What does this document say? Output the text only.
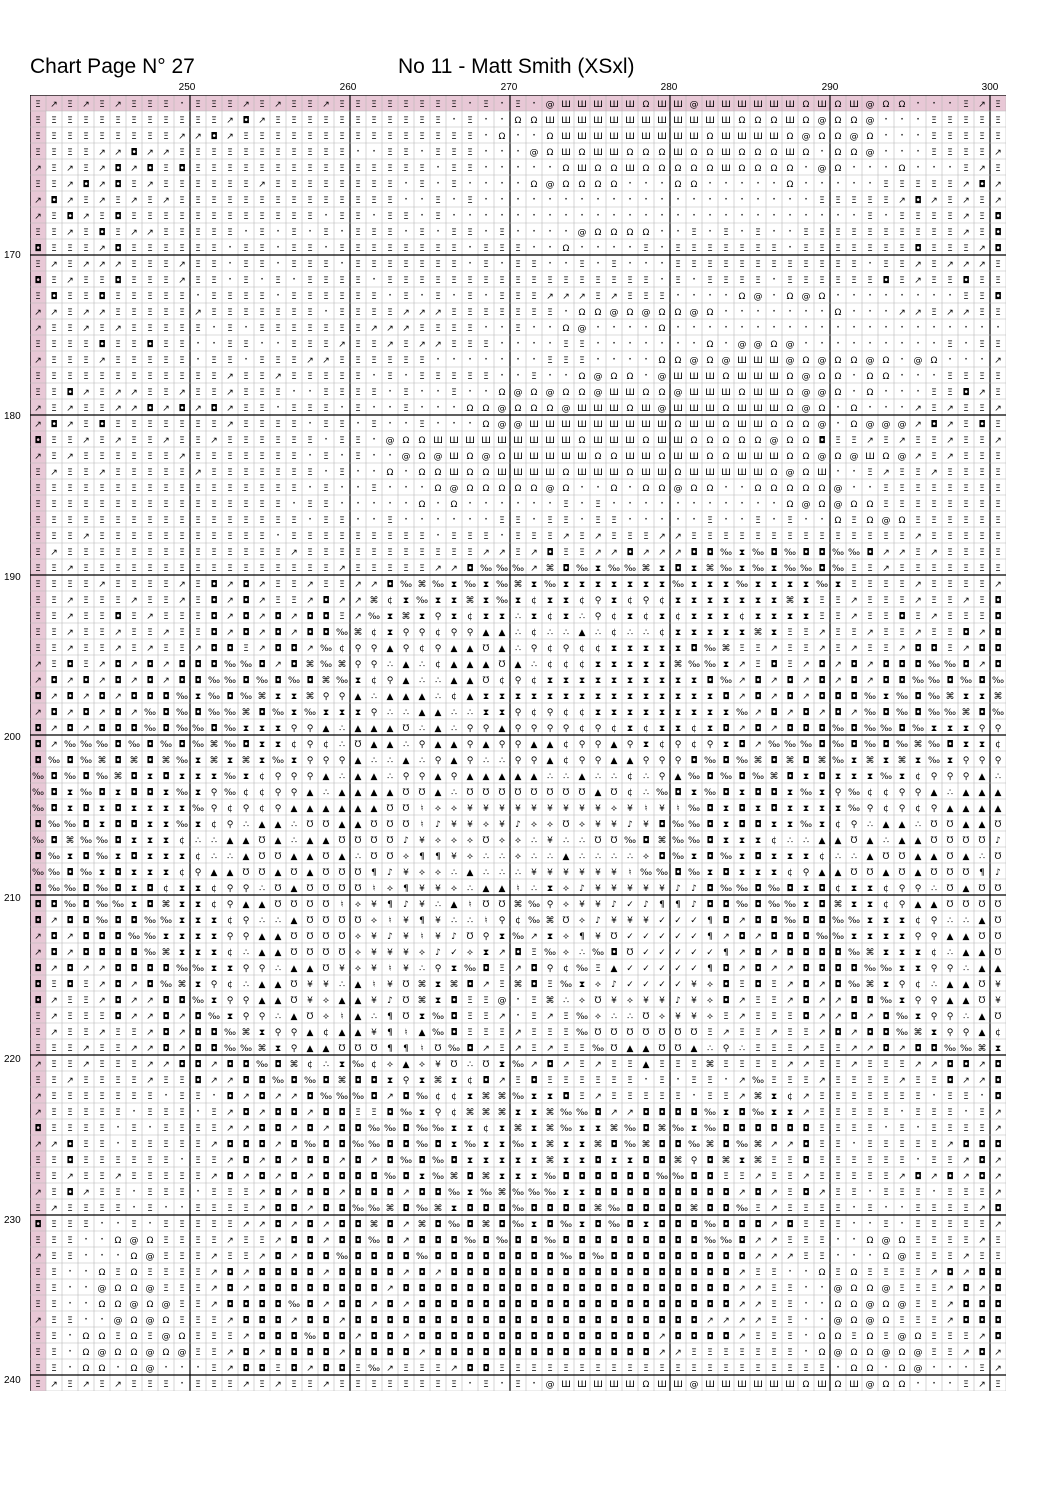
Chart Page N° 27	No 11 - Matt Smith (XSxl)
250	260	270	280	290	300
170
180
190
200
210
220
230
240
Ξ ↗ Ξ ↗ Ξ ↗ Ξ Ξ Ξ · Ξ Ξ Ξ ↗ Ξ ↗ Ξ Ξ ↗ Ξ Ξ Ξ Ξ Ξ Ξ Ξ Ξ · Ξ · Ξ · @ Ш Ш Ш Ш Ш Ω Ш Ш @ Ш Ш Ш Ш Ш Ш Ω Ш Ω Ш @ Ω Ω · · · Ξ ↗ Ξ
Ξ Ξ Ξ Ξ Ξ Ξ Ξ Ξ Ξ Ξ Ξ Ξ ↗ ◘ ↗ Ξ Ξ Ξ Ξ Ξ Ξ Ξ Ξ Ξ Ξ Ξ · Ξ · · Ω Ω Ш Ш Ш Ш Ш Ш Ш Ш Ш Ш Ш Ш Ω Ω Ω Ш Ω @ Ω Ω @ · · · Ξ Ξ Ξ Ξ Ξ
Ξ Ξ Ξ Ξ Ξ Ξ Ξ Ξ Ξ ↗ ↗ ◘ ↗ Ξ Ξ Ξ Ξ Ξ Ξ Ξ Ξ Ξ Ξ Ξ Ξ Ξ Ξ Ξ · Ω · · Ω Ш Ш Ш Ш Ш Ш Ш Ш Ш Ω Ш Ш Ш Ш Ω @ Ω Ω @ Ω · · · Ξ Ξ Ξ Ξ Ξ
Ξ Ξ Ξ Ξ ↗ ↗ ◘ ↗ ↗ Ξ Ξ Ξ Ξ Ξ Ξ Ξ Ξ Ξ Ξ Ξ · · Ξ Ξ · Ξ Ξ Ξ · · · @ Ω Ш Ω Ш Ш Ω Ω Ω Ш Ω Ω Ш Ω Ω Ω Ш Ω · Ω Ω @ · · · Ξ Ξ Ξ Ξ ↗
↗ Ξ ↗ Ξ ↗ ◘ ↗ ◘ Ξ ◘ Ξ Ξ Ξ Ξ Ξ Ξ Ξ Ξ Ξ Ξ Ξ Ξ Ξ Ξ Ξ · Ξ Ξ · · · · · Ω Ш Ω Ω Ш Ω Ω Ω Ω Ω Ш Ω Ω Ω Ω · @ Ω · · · Ω · · · Ξ ↗ Ξ
Ξ Ξ ↗ ◘ ↗ ◘ Ξ ↗ Ξ Ξ Ξ Ξ Ξ Ξ ↗ Ξ Ξ Ξ Ξ Ξ Ξ Ξ Ξ · Ξ · Ξ · · · · Ω @ Ω Ω Ω Ω · · · Ω Ω · · · · · Ω · · · · · Ξ Ξ Ξ Ξ Ξ ↗ ◘ ↗
↗ ◘ ↗ Ξ ↗ Ξ ↗ Ξ ↗ Ξ Ξ Ξ Ξ Ξ Ξ Ξ Ξ Ξ Ξ Ξ Ξ Ξ Ξ · · Ξ · Ξ · · · · · · · · · · · · · · · · · · · · · Ξ Ξ Ξ Ξ Ξ ↗ ◘ ↗ Ξ ↗ Ξ ↗
↗ Ξ ◘ ↗ Ξ ◘ Ξ Ξ Ξ Ξ Ξ Ξ Ξ Ξ Ξ Ξ Ξ Ξ · Ξ Ξ · Ξ Ξ · Ξ · · · · · · · · · · · · · · · · · · · · · · · · · · Ξ · Ξ Ξ Ξ Ξ ↗ Ξ ◘
Ξ Ξ ↗ Ξ ◘ Ξ ↗ ↗ Ξ Ξ Ξ Ξ Ξ · Ξ · Ξ · Ξ · Ξ Ξ Ξ · Ξ · Ξ Ξ · Ξ · · · · @ Ω Ω Ω Ω · · Ξ · Ξ · Ξ · · Ξ Ξ Ξ Ξ Ξ Ξ Ξ Ξ Ξ Ξ ↗ Ξ ◘
◘ Ξ Ξ Ξ ↗ ◘ Ξ Ξ Ξ Ξ Ξ Ξ · Ξ Ξ · Ξ Ξ · Ξ Ξ Ξ Ξ Ξ Ξ Ξ Ξ · Ξ Ξ Ξ · · Ω · · · · Ξ · Ξ Ξ Ξ Ξ Ξ Ξ Ξ · Ξ Ξ Ξ Ξ Ξ Ξ Ξ ◘ Ξ Ξ Ξ ↗ ◘
Ξ ↗ Ξ ↗ ↗ ↗ Ξ Ξ Ξ ↗ Ξ Ξ · Ξ Ξ · Ξ Ξ Ξ · Ξ Ξ Ξ Ξ Ξ Ξ Ξ · Ξ · Ξ Ξ · · Ξ · Ξ · · · Ξ Ξ Ξ Ξ Ξ Ξ Ξ Ξ Ξ Ξ Ξ Ξ · Ξ Ξ ↗ Ξ ↗ ↗ ↗ Ξ
◘ Ξ ↗ Ξ Ξ ◘ Ξ Ξ Ξ ↗ Ξ Ξ · Ξ · Ξ · Ξ Ξ Ξ Ξ · Ξ Ξ Ξ Ξ Ξ Ξ Ξ Ξ Ξ Ξ Ξ Ξ Ξ Ξ Ξ Ξ Ξ · Ξ · Ξ Ξ Ξ Ξ · Ξ Ξ Ξ Ξ Ξ Ξ ◘ Ξ ↗ Ξ Ξ ◘ Ξ Ξ
Ξ ◘ Ξ Ξ ◘ Ξ Ξ Ξ Ξ Ξ · Ξ Ξ Ξ Ξ · Ξ Ξ Ξ Ξ Ξ Ξ · Ξ · Ξ · Ξ · Ξ Ξ Ξ ↗ ↗ ↗ Ξ ↗ Ξ Ξ Ξ · · · · Ω @ · Ω @ Ω · · · · · · · · Ξ Ξ ◘
↗ ↗ Ξ ↗ ↗ Ξ Ξ Ξ Ξ Ξ ↗ Ξ Ξ Ξ Ξ Ξ Ξ Ξ · Ξ Ξ Ξ Ξ ↗ ↗ ↗ Ξ Ξ Ξ Ξ Ξ Ξ Ξ · Ω Ω @ Ω @ Ω Ω @ Ω · · · · · · · Ω · · · ↗ ↗ Ξ ↗ ↗ Ξ Ξ
↗ Ξ Ξ ↗ Ξ ↗ Ξ Ξ Ξ Ξ Ξ · Ξ · Ξ Ξ Ξ Ξ Ξ Ξ Ξ ↗ ↗ ↗ Ξ Ξ Ξ Ξ · · Ξ · · Ω @ · · · · Ω · · · · · · · · · · · · · · · · · · · · ·
Ξ Ξ Ξ Ξ ◘ Ξ Ξ ◘ Ξ Ξ · · Ξ Ξ · · Ξ Ξ Ξ ↗ Ξ Ξ ↗ Ξ ↗ ↗ Ξ Ξ Ξ · · · · Ξ Ξ · · · · · · · Ω · @ @ Ω @ · · · · · · · · · Ξ · Ξ Ξ
↗ Ξ Ξ Ξ ↗ Ξ Ξ Ξ Ξ Ξ · Ξ Ξ · Ξ Ξ Ξ ↗ ↗ Ξ Ξ Ξ Ξ Ξ Ξ · · · · · · · Ξ Ξ Ξ · · · · Ω Ω @ Ω @ Ш Ш Ш @ Ω @ Ω Ω @ Ω · @ Ω · · · ↗
Ξ Ξ Ξ Ξ Ξ Ξ Ξ Ξ Ξ Ξ Ξ Ξ ↗ Ξ Ξ ↗ Ξ Ξ Ξ Ξ Ξ · Ξ · Ξ Ξ Ξ Ξ Ξ · · Ξ · · Ω @ Ω Ω · @ Ш Ш Ш Ω Ш Ш Ш Ω @ Ω Ω · Ω Ω · · · Ξ Ξ Ξ Ξ
Ξ Ξ ◘ ↗ Ξ ↗ ↗ Ξ Ξ ↗ Ξ Ξ ↗ Ξ Ξ Ξ · · Ξ Ξ Ξ Ξ · Ξ · · Ξ · · Ω @ Ω @ Ω Ω @ Ш Ш Ω Ω @ Ш Ш Ш Ω Ш Ш Ω @ @ Ω · Ω · · · Ξ Ξ ◘ ↗ Ξ
↗ Ξ ↗ Ξ Ξ ↗ ↗ ◘ ↗ ◘ ↗ ◘ ↗ Ξ Ξ · Ξ Ξ Ξ · Ξ · · Ξ · · · Ω Ω @ Ω Ω Ω @ Ш Ш Ш Ω Ш @ Ш Ш Ш Ω Ш Ш Ш Ω @ Ω · Ω · · · ↗ Ξ ↗ Ξ Ξ ↗
↗ ◘ ↗ Ξ ◘ Ξ Ξ Ξ Ξ Ξ Ξ Ξ ↗ Ξ Ξ Ξ Ξ · Ξ Ξ · Ξ · · Ξ · · · Ω @ @ Ш Ш Ш Ш Ш Ш Ш Ш Ш Ω Ш Ш Ω Ш Ш Ω Ω Ω @ · Ω @ @ @ ↗ ◘ ↗ Ξ ◘ Ξ
◘ Ξ Ξ ↗ Ξ ↗ Ξ Ξ ↗ Ξ Ξ ↗ Ξ Ξ Ξ Ξ Ξ Ξ · Ξ Ξ · @ Ω Ω Ш Ш Ш Ш Ш Ш Ш Ш Ш Ω Ш Ш Ш Ω Ш Ш Ω Ω Ω Ω Ω @ Ω Ω ◘ Ξ Ξ ↗ Ξ ↗ Ξ Ξ ↗ Ξ Ξ ↗
↗ Ξ ↗ Ξ Ξ Ξ Ξ Ξ Ξ ↗ Ξ Ξ Ξ Ξ Ξ Ξ Ξ · Ξ · Ξ · · @ Ω @ Ш Ω @ Ω Ш Ш Ш Ш Ш Ω Ω Ш Ш Ω Ш Ш Ω Ω Ш Ш Ш Ω Ω @ Ω @ Ш Ω @ ↗ Ξ ↗ Ξ Ξ Ξ
Ξ ↗ Ξ Ξ ↗ Ξ Ξ Ξ Ξ Ξ ↗ Ξ Ξ Ξ Ξ Ξ Ξ Ξ · Ξ · · Ω · Ω Ω Ш Ω Ω Ш Ш Ш Ш Ω Ш Ш Ш Ω Ш Ш Ω Ш Ш Ш Ш Ш Ω @ Ω Ш · · Ξ ↗ Ξ Ξ ↗ Ξ Ξ Ξ Ξ
Ξ Ξ Ξ Ξ Ξ Ξ Ξ Ξ Ξ Ξ Ξ Ξ Ξ Ξ Ξ Ξ Ξ · Ξ · · Ξ · · · Ω @ Ω Ω Ω Ω Ω @ Ω · · Ω · Ω Ω @ Ω Ω · · Ω Ω Ω Ω Ω @ · · Ξ Ξ Ξ Ξ Ξ Ξ Ξ Ξ
Ξ Ξ Ξ Ξ Ξ Ξ Ξ Ξ Ξ Ξ Ξ Ξ Ξ Ξ Ξ Ξ · Ξ Ξ · · · · · Ω · Ω · · · · · · Ξ · Ξ · · · · · · · · · · · Ω @ Ω @ Ω Ω Ξ Ξ Ξ Ξ Ξ Ξ Ξ Ξ
Ξ Ξ Ξ Ξ Ξ Ξ Ξ Ξ Ξ Ξ Ξ Ξ Ξ Ξ Ξ Ξ Ξ · Ξ Ξ · · Ξ · · · · · · Ξ Ξ · Ξ Ξ · Ξ Ξ · · · · · Ξ · · Ξ · Ξ · · Ω Ξ Ω @ Ω Ξ Ξ Ξ Ξ Ξ Ξ
Ξ Ξ Ξ ↗ Ξ Ξ Ξ Ξ Ξ Ξ Ξ Ξ Ξ Ξ Ξ · Ξ Ξ Ξ Ξ Ξ Ξ Ξ Ξ Ξ · Ξ Ξ Ξ · Ξ Ξ Ξ ↗ Ξ ↗ Ξ Ξ Ξ ↗ ↗ Ξ Ξ Ξ Ξ Ξ Ξ Ξ Ξ Ξ Ξ Ξ Ξ Ξ Ξ ↗ Ξ Ξ Ξ Ξ Ξ
Ξ ↗ Ξ Ξ Ξ Ξ Ξ Ξ Ξ Ξ Ξ Ξ Ξ Ξ Ξ Ξ ↗ Ξ Ξ Ξ Ξ Ξ Ξ Ξ Ξ Ξ Ξ Ξ ↗ ↗ Ξ ↗ ◘ Ξ Ξ ↗ ↗ ◘ ↗ ↗ ↗ ◘ ◘ ‰ ⧗ ‰ ◘ ‰ ◘ ◘ ‰ ‰ ◘ ↗ ↗ Ξ ↗ Ξ Ξ Ξ Ξ
Ξ Ξ ↗ Ξ Ξ Ξ Ξ Ξ Ξ Ξ Ξ Ξ Ξ Ξ Ξ Ξ Ξ Ξ Ξ ↗ Ξ Ξ Ξ Ξ Ξ ↗ ↗ ◘ ‰ ‰ ‰ ↗ ⌘ ◘ ‰ ⧗ ‰ ‰ ⌘ ⧗ ◘ ⧗ ⌘ ‰ ⧗ ‰ ⧗ ‰ ‰ ◘ ‰ Ξ Ξ ↗ Ξ Ξ Ξ Ξ Ξ Ξ Ξ
Ξ Ξ Ξ Ξ ↗ Ξ Ξ Ξ Ξ ↗ Ξ ◘ ↗ ◘ ↗ Ξ Ξ ↗ Ξ Ξ ↗ ↗ ◘ ‰ ⌘ ‰ ⧗ ‰ ⧗ ‰ ⌘ ⧗ ‰ ⧗ ⧗ ⧗ ⧗ ⧗ ⧗ ⧗ ‰ ⧗ ⧗ ⧗ ‰ ⧗ ⧗ ⧗ ⧗ ‰ ⧗ Ξ Ξ Ξ Ξ ↗ Ξ Ξ Ξ Ξ ↗
Ξ Ξ ↗ Ξ Ξ Ξ ↗ Ξ Ξ ↗ Ξ ◘ ↗ ◘ ↗ Ξ Ξ ↗ ◘ ↗ ↗ ⌘ ¢ ⧗ ‰ ⧗ ⧗ ⌘ ⧗ ‰ ⧗ ¢ ⧗ ⧗ ¢ ⚲ ⧗ ¢ ⚲ ¢ ⧗ ⧗ ⧗ ⧗ ⧗ ⧗ ⧗ ⌘ ⧗ Ξ Ξ ↗ Ξ Ξ Ξ ↗ Ξ Ξ ↗ Ξ ◘
Ξ Ξ ↗ Ξ Ξ ◘ Ξ ↗ Ξ Ξ Ξ ◘ ↗ ◘ ↗ ◘ ↗ ◘ ◘ Ξ ↗ ‰ ⧗ ⌘ ⧗ ⚲ ⧗ ¢ ⧗ ⧗ ∴ ⧗ ¢ ⧗ ∴ ⚲ ¢ ⧗ ¢ ⧗ ¢ ⧗ ⧗ ⧗ ¢ ⧗ ⧗ ⧗ ⧗ Ξ Ξ ↗ Ξ Ξ ◘ Ξ ↗ Ξ Ξ Ξ ◘
Ξ Ξ ↗ Ξ Ξ ↗ Ξ Ξ ↗ Ξ Ξ ◘ ↗ ◘ ↗ ◘ ↗ ◘ ◘ ‰ ⌘ ¢ ⧗ ⚲ ⚲ ¢ ⚲ ⚲ ▲ ▲ ∴ ¢ ∴ ∴ ▲ ∴ ¢ ∴ ∴ ¢ ⧗ ⧗ ⧗ ⧗ ⧗ ⌘ ⧗ Ξ Ξ ↗ Ξ Ξ ↗ Ξ Ξ ↗ Ξ Ξ ◘ ↗ ◘
Ξ Ξ ↗ Ξ Ξ ↗ Ξ ↗ Ξ Ξ ↗ ◘ ◘ Ξ ↗ ◘ ◘ ↗ ‰ ¢ ⚲ ⚲ ▲ ⚲ ¢ ⚲ ▲ ▲ Ʊ ▲ ∴ ⚲ ¢ ⚲ ¢ ¢ ⧗ ⧗ ⧗ ⧗ ⧗ ◘ ‰ ⌘ Ξ Ξ ↗ Ξ Ξ ↗ Ξ ↗ Ξ Ξ ↗ ◘ ◘ Ξ ↗ ◘ ◘
↗ Ξ ◘ Ξ ↗ ◘ ↗ ◘ ↗ ◘ ◘ ◘ ‰ ‰ ◘ ↗ ◘ ⌘ ‰ ⌘ ⚲ ⚲ ∴ ▲ ∴ ¢ ▲ ▲ ▲ Ʊ ▲ ∴ ¢ ¢ ¢ ⧗ ⧗ ⧗ ⧗ ⧗ ⌘ ‰ ‰ ⧗ ↗ Ξ ◘ Ξ ↗ ◘ ↗ ◘ ↗ ◘ ◘ ◘ ‰ ‰ ◘ ↗ ◘
↗ ◘ ↗ ◘ ↗ ◘ ↗ ◘ ↗ ◘ ◘ ‰ ‰ ◘ ‰ ◘ ‰ ◘ ⌘ ‰ ⧗ ¢ ⚲ ▲ ∴ ∴ ▲ ▲ Ʊ ¢ ⚲ ¢ ⧗ ⧗ ⧗ ⧗ ⧗ ⧗ ⧗ ⧗ ⧗ ⧗ ◘ ‰ ↗ ◘ ↗ ◘ ↗ ◘ ↗ ◘ ↗ ◘ ◘ ‰ ‰ ◘ ‰ ◘ ‰
◘ ↗ ◘ ↗ ◘ ↗ ◘ ◘ ◘ ‰ ⧗ ‰ ◘ ‰ ⌘ ⧗ ⧗ ⌘ ⚲ ⚲ ▲ ∴ ▲ ▲ ▲ ∴ ¢ ▲ ⧗ ⧗ ⧗ ⧗ ⧗ ⧗ ⧗ ⧗ ⧗ ⧗ ⧗ ⧗ ⧗ ⧗ ⧗ ◘ ↗ ◘ ↗ ◘ ↗ ◘ ◘ ◘ ‰ ⧗ ‰ ◘ ‰ ⌘ ⧗ ⧗ ⌘
↗ ◘ ↗ ◘ ↗ ◘ ↗ ‰ ◘ ‰ ◘ ‰ ‰ ⌘ ◘ ‰ ⧗ ‰ ⧗ ⧗ ⧗ ⚲ ∴ ∴ ▲ ▲ ∴ ∴ ⧗ ⧗ ⚲ ¢ ⚲ ¢ ¢ ⧗ ⧗ ⧗ ⧗ ⧗ ⧗ ⧗ ⧗ ⧗ ‰ ↗ ◘ ↗ ◘ ↗ ◘ ↗ ‰ ◘ ‰ ◘ ‰ ‰ ⌘ ◘ ‰
◘ ↗ ◘ ↗ ◘ ◘ ◘ ‰ ◘ ‰ ‰ ◘ ‰ ⧗ ⧗ ⧗ ⚲ ⚲ ▲ ∴ ▲ ▲ ▲ Ʊ ∴ ▲ ∴ ⚲ ⚲ ▲ ⚲ ⚲ ⚲ ⚲ ¢ ⚲ ¢ ⧗ ¢ ⧗ ⧗ ¢ ⧗ ◘ ↗ ◘ ↗ ◘ ◘ ◘ ‰ ◘ ‰ ‰ ◘ ‰ ⧗ ⧗ ⧗ ⚲ ⚲
◘ ↗ ‰ ‰ ‰ ◘ ‰ ◘ ‰ ◘ ‰ ⌘ ‰ ◘ ⧗ ⧗ ¢ ⚲ ¢ ∴ Ʊ ▲ ▲ ∴ ⚲ ▲ ▲ ⚲ ▲ ⚲ ⚲ ▲ ▲ ¢ ⚲ ⚲ ▲ ⚲ ⧗ ¢ ⚲ ¢ ⚲ ⧗ ◘ ↗ ‰ ‰ ‰ ◘ ‰ ◘ ‰ ◘ ‰ ⌘ ‰ ◘ ⧗ ⧗ ¢
◘ ‰ ◘ ‰ ⌘ ◘ ⌘ ◘ ⌘ ‰ ⧗ ⌘ ⧗ ⌘ ⧗ ‰ ⧗ ⚲ ⚲ ⚲ ▲ ∴ ∴ ▲ ∴ ⚲ ▲ ⚲ ∴ ∴ ⚲ ⚲ ▲ ¢ ⚲ ⚲ ▲ ▲ ⚲ ⚲ ⚲ ◘ ‰ ◘ ‰ ⌘ ◘ ⌘ ◘ ⌘ ‰ ⧗ ⌘ ⧗ ⌘ ⧗ ‰ ⧗ ⚲ ⚲ ⚲
‰ ◘ ‰ ◘ ‰ ⌘ ◘ ⧗ ◘ ⧗ ⧗ ⧗ ‰ ⧗ ¢ ⚲ ⚲ ⚲ ▲ ∴ ▲ ▲ ∴ ⚲ ⚲ ▲ ⚲ ▲ ▲ ▲ ▲ ▲ ∴ ∴ ▲ ∴ ∴ ¢ ∴ ⚲ ▲ ‰ ◘ ‰ ◘ ‰ ⌘ ◘ ⧗ ◘ ⧗ ⧗ ⧗ ‰ ⧗ ¢ ⚲ ⚲ ⚲ ▲ ∴
‰ ◘ ⧗ ‰ ◘ ⧗ ◘ ◘ ⧗ ‰ ⧗ ⚲ ‰ ¢ ¢ ⚲ ⚲ ▲ ∴ ▲ ▲ ▲ ▲ Ʊ Ʊ ▲ ∴ Ʊ Ʊ Ʊ Ʊ Ʊ Ʊ Ʊ Ʊ ▲ Ʊ ¢ ∴ ‰ ◘ ⧗ ‰ ◘ ⧗ ◘ ◘ ⧗ ‰ ⧗ ⚲ ‰ ¢ ¢ ⚲ ⚲ ▲ ∴ ▲ ▲ ▲
‰ ◘ ⧗ ◘ ⧗ ◘ ⧗ ⧗ ⧗ ⧗ ‰ ⚲ ¢ ⚲ ¢ ⚲ ▲ ▲ ▲ ▲ ▲ ▲ Ʊ Ʊ ♮ ⟡ ⟡ ¥ ¥ ¥ ¥ ¥ ¥ ¥ ¥ ¥ ⟡ ¥ ♮ ¥ ♮ ‰ ◘ ⧗ ◘ ⧗ ◘ ⧗ ⧗ ⧗ ⧗ ‰ ⚲ ¢ ⚲ ¢ ⚲ ▲ ▲ ▲ ▲
◘ ‰ ‰ ◘ ⧗ ◘ ◘ ⧗ ⧗ ‰ ⧗ ¢ ⚲ ∴ ▲ ▲ ∴ Ʊ Ʊ ▲ ▲ Ʊ Ʊ Ʊ ♮ ♪ ¥ ¥ ⟡ ¥ ♪ ⟡ ⟡ Ʊ ⟡ ¥ ¥ ♪ ¥ ◘ ‰ ‰ ◘ ⧗ ◘ ◘ ⧗ ⧗ ‰ ⧗ ¢ ⚲ ∴ ▲ ▲ ∴ Ʊ Ʊ ▲ ▲ Ʊ
‰ ◘ ⌘ ‰ ‰ ◘ ⧗ ⧗ ⧗ ¢ ∴ ∴ ▲ ▲ Ʊ ▲ ∴ ▲ ▲ Ʊ Ʊ Ʊ Ʊ ♪ ¥ ⟡ ⟡ ⟡ Ʊ ⟡ ⟡ ∴ ¥ ∴ ∴ Ʊ Ʊ ‰ ◘ ⌘ ‰ ‰ ◘ ⧗ ⧗ ⧗ ¢ ∴ ∴ ▲ ▲ Ʊ ▲ ∴ ▲ ▲ Ʊ Ʊ Ʊ Ʊ ♪
◘ ‰ ⧗ ◘ ‰ ⧗ ◘ ⧗ ⧗ ⧗ ¢ ∴ ∴ ▲ Ʊ Ʊ ▲ ▲ Ʊ ▲ ∴ Ʊ Ʊ ⟡ ¶ ¶ ¥ ⟡ ∴ ∴ ⟡ ∴ ∴ ▲ ∴ ∴ ∴ ∴ ⟡ ◘ ‰ ⧗ ◘ ‰ ⧗ ◘ ⧗ ⧗ ⧗ ¢ ∴ ∴ ▲ Ʊ Ʊ ▲ ▲ Ʊ ▲ ∴ Ʊ
‰ ‰ ◘ ‰ ⧗ ◘ ⧗ ⧗ ⧗ ¢ ⚲ ▲ ▲ Ʊ Ʊ ▲ Ʊ ▲ Ʊ Ʊ Ʊ ¶ ♪ ¥ ⟡ ⟡ ∴ ▲ ∴ ∴ ∴ ¥ ¥ ¥ ¥ ¥ ¥ ♮ ‰ ‰ ◘ ‰ ⧗ ◘ ⧗ ⧗ ⧗ ¢ ⚲ ▲ ▲ Ʊ Ʊ ▲ Ʊ ▲ Ʊ Ʊ Ʊ ¶ ♪
◘ ‰ ‰ ◘ ‰ ◘ ⧗ ◘ ¢ ⧗ ⧗ ¢ ⚲ ⚲ ∴ Ʊ ▲ Ʊ Ʊ Ʊ Ʊ ♮ ⟡ ¶ ¥ ¥ ⟡ ∴ ▲ ▲ ♮ ∴ ⧗ ⟡ ♪ ¥ ¥ ¥ ¥ ¥ ♪ ♪ ◘ ‰ ‰ ◘ ‰ ◘ ⧗ ◘ ¢ ⧗ ⧗ ¢ ⚲ ⚲ ∴ Ʊ ▲ Ʊ Ʊ
◘ ◘ ‰ ◘ ‰ ‰ ⧗ ◘ ⌘ ⧗ ⧗ ¢ ⚲ ▲ ▲ Ʊ Ʊ Ʊ Ʊ ♮ ⟡ ¥ ¶ ♪ ¥ ∴ ▲ ♮ Ʊ Ʊ ⌘ ‰ ⚲ ⟡ ¥ ¥ ♪ ✓ ♪ ¶ ¶ ♪ ◘ ◘ ‰ ◘ ‰ ‰ ⧗ ◘ ⌘ ⧗ ⧗ ¢ ⚲ ▲ ▲ Ʊ Ʊ Ʊ Ʊ
◘ ↗ ◘ ◘ ‰ ◘ ◘ ‰ ‰ ⧗ ⧗ ⧗ ¢ ⚲ ∴ ∴ ▲ Ʊ Ʊ Ʊ Ʊ ⟡ ♮ ¥ ¶ ¥ ∴ ∴ ♮ ⚲ ¢ ‰ ⌘ Ʊ ⟡ ♪ ¥ ¥ ¥ ✓ ✓ ✓ ¶ ◘ ↗ ◘ ◘ ‰ ◘ ◘ ‰ ‰ ⧗ ⧗ ⧗ ¢ ⚲ ∴ ∴ ▲ Ʊ
↗ ◘ ↗ ◘ ◘ ◘ ‰ ‰ ⧗ ⧗ ⧗ ⧗ ⚲ ⚲ ▲ ▲ Ʊ Ʊ Ʊ Ʊ ⟡ ¥ ♪ ¥ ♮ ¥ ♪ Ʊ ⚲ ⧗ ‰ ↗ ⧗ ⟡ ¶ ¥ Ʊ ✓ ✓ ✓ ✓ ✓ ¶ ↗ ◘ ↗ ◘ ◘ ◘ ‰ ‰ ⧗ ⧗ ⧗ ⧗ ⚲ ⚲ ▲ ▲ Ʊ Ʊ
↗ ◘ ↗ ◘ ◘ ◘ ◘ ‰ ⌘ ⧗ ⧗ ⧗ ¢ ∴ ▲ ▲ Ʊ Ʊ Ʊ Ʊ ⟡ ¥ ¥ ¥ ⟡ ♪ ✓ ⟡ ⧗ ↗ ◘ Ξ ‰ ⟡ ∴ ‰ ◘ Ʊ ✓ ✓ ✓ ✓ ✓ ¶ ↗ ◘ ↗ ◘ ◘ ◘ ◘ ‰ ⌘ ⧗ ⧗ ⧗ ¢ ∴ ▲ ▲ Ʊ
◘ ↗ ◘ ↗ ↗ ◘ ◘ ◘ ◘ ‰ ‰ ⧗ ⧗ ⚲ ⚲ ∴ ▲ ▲ Ʊ ¥ ⟡ ¥ ♮ ¥ ∴ ⚲ ⧗ ‰ ◘ Ξ ↗ ◘ ⚲ ¢ ‰ Ξ ▲ ✓ ✓ ✓ ✓ ✓ ¶ ◘ ↗ ◘ ↗ ↗ ◘ ◘ ◘ ◘ ‰ ‰ ⧗ ⧗ ⚲ ⚲ ∴ ▲ ▲
◘ Ξ ◘ Ξ ↗ ◘ ↗ ◘ ‰ ⌘ ⧗ ⚲ ¢ ∴ ▲ ▲ Ʊ ¥ ¥ ∴ ▲ ♮ ¥ Ʊ ⌘ ⧗ ⌘ ◘ ↗ Ξ ⌘ ◘ Ξ ‰ ⧗ ⟡ ♪ ✓ ✓ ✓ ✓ ¥ ⟡ ◘ Ξ ◘ Ξ ↗ ◘ ↗ ◘ ‰ ⌘ ⧗ ⚲ ¢ ∴ ▲ ▲ Ʊ ¥
◘ ↗ Ξ Ξ ↗ ◘ ↗ ↗ ◘ ◘ ‰ ⧗ ⚲ ⚲ ▲ ▲ Ʊ ¥ ⟡ ▲ ▲ ¥ ♪ Ʊ ⌘ ⧗ ◘ Ξ Ξ @ · Ξ ⌘ ∴ ⟡ Ʊ ¥ ⟡ ¥ ¥ ♪ ¥ ⟡ ◘ ↗ Ξ Ξ ↗ ◘ ↗ ↗ ◘ ◘ ‰ ⧗ ⚲ ⚲ ▲ ▲ Ʊ ¥
Ξ ↗ Ξ Ξ Ξ ◘ ↗ ↗ ◘ ↗ ◘ ‰ ⧗ ⚲ ⚲ ∴ ▲ Ʊ ⟡ ♮ ▲ ∴ ¶ Ʊ ⧗ ‰ ◘ Ξ Ξ ↗ · Ξ ↗ Ξ ‰ ⟡ ∴ ∴ Ʊ ⟡ ¥ ¥ ⟡ Ξ ↗ Ξ Ξ Ξ ◘ ↗ ↗ ◘ ↗ ◘ ‰ ⧗ ⚲ ⚲ ∴ ▲ Ʊ
Ξ ↗ Ξ Ξ ↗ Ξ Ξ ↗ ◘ ↗ ◘ ◘ ‰ ⌘ ⧗ ⚲ ⚲ ▲ ¢ ▲ ▲ ¥ ¶ ♮ ▲ ‰ ◘ Ξ Ξ Ξ ↗ Ξ Ξ Ξ ‰ Ʊ Ʊ Ʊ Ʊ Ʊ Ʊ Ʊ Ξ ↗ Ξ Ξ ↗ Ξ Ξ ↗ ◘ ↗ ◘ ◘ ‰ ⌘ ⧗ ⚲ ⚲ ▲ ¢
Ξ Ξ Ξ ↗ Ξ Ξ ↗ ↗ ◘ ↗ ◘ ◘ ‰ ‰ ⌘ ⧗ ⚲ ▲ ▲ Ʊ Ʊ Ʊ ¶ ¶ ♮ Ʊ ‰ ◘ ↗ Ξ ↗ Ξ ↗ Ξ Ξ ‰ Ʊ ▲ ▲ Ʊ Ʊ ▲ ∴ ⚲ ∴ Ξ Ξ Ξ ↗ Ξ Ξ ↗ ↗ ◘ ↗ ◘ ◘ ‰ ‰ ⌘ ⧗
↗ Ξ Ξ ↗ Ξ Ξ Ξ ↗ ↗ ◘ ◘ ↗ ◘ ◘ ‰ ◘ ⌘ ¢ ∴ ⧗ ‰ ¢ ⟡ ▲ ⟡ ¥ Ʊ ∴ Ʊ ⧗ ‰ ↗ ◘ ↗ Ξ ↗ Ξ Ξ ▲ Ξ Ξ Ξ ⌘ Ξ Ξ Ξ Ξ ↗ ↗ Ξ Ξ ↗ Ξ Ξ Ξ ↗ ↗ ◘ ◘ ↗ ◘
Ξ Ξ ↗ Ξ Ξ Ξ Ξ ↗ Ξ Ξ ◘ ↗ ↗ ◘ ◘ ‰ ◘ ‰ ◘ ⌘ ◘ ◘ ⧗ ⚲ ⧗ ⌘ ⧗ ¢ ◘ ↗ Ξ ◘ Ξ Ξ Ξ Ξ Ξ Ξ · Ξ · Ξ Ξ · ↗ ‰ Ξ Ξ Ξ ↗ Ξ Ξ Ξ Ξ ↗ Ξ Ξ ◘ ↗ ↗ ◘
↗ Ξ Ξ Ξ Ξ Ξ Ξ Ξ · Ξ Ξ · ◘ ↗ ◘ ↗ ↗ ◘ ‰ ‰ ‰ ◘ ↗ ◘ ‰ ¢ ¢ ⧗ ⌘ ⌘ ‰ ⧗ ⧗ ◘ Ξ ↗ Ξ Ξ Ξ Ξ Ξ · Ξ Ξ ↗ ⌘ ⧗ ¢ ↗ Ξ Ξ Ξ Ξ Ξ Ξ Ξ · Ξ Ξ · ◘
↗ Ξ Ξ Ξ Ξ Ξ · Ξ Ξ Ξ · Ξ ↗ ◘ ↗ ◘ ◘ ↗ ◘ ◘ Ξ Ξ ◘ ‰ ⧗ ⚲ ¢ ⌘ ⌘ ⌘ ⧗ ⧗ ⌘ ‰ ‰ ◘ ↗ ↗ ◘ ◘ ◘ ◘ ‰ ⧗ ◘ ‰ ⧗ ⧗ ↗ Ξ Ξ Ξ Ξ Ξ · Ξ Ξ Ξ · Ξ ↗
◘ Ξ Ξ Ξ Ξ · Ξ · Ξ Ξ Ξ Ξ ↗ ↗ ◘ ◘ ↗ ◘ ↗ ◘ ◘ ‰ ‰ ◘ ‰ ‰ ⧗ ⧗ ¢ ⧗ ⌘ ⧗ ⌘ ‰ ⧗ ⧗ ⌘ ‰ ◘ ⌘ ‰ ⧗ ‰ ◘ ◘ ◘ ◘ ◘ ◘ Ξ Ξ Ξ Ξ · Ξ · Ξ Ξ Ξ Ξ ↗
↗ ↗ ◘ Ξ Ξ · Ξ Ξ Ξ Ξ Ξ ↗ ◘ ◘ ◘ ↗ ◘ ‰ ◘ ◘ ‰ ‰ ◘ ◘ ‰ ◘ ⧗ ‰ ⧗ ⧗ ‰ ⧗ ⌘ ⧗ ⧗ ⌘ ◘ ‰ ⌘ ◘ ◘ ‰ ⌘ ◘ ‰ ⌘ ↗ ↗ ◘ Ξ Ξ · Ξ Ξ Ξ Ξ Ξ ↗ ◘ ◘ ◘
Ξ Ξ ◘ Ξ Ξ Ξ Ξ Ξ Ξ · Ξ Ξ ↗ ◘ ↗ ◘ ↗ ◘ ◘ ↗ ◘ ↗ ◘ ‰ ◘ ‰ ◘ ⧗ ⧗ ⧗ ⧗ ⧗ ⌘ ⧗ ⧗ ◘ ⧗ ⧗ ◘ ◘ ⌘ ⚲ ◘ ⌘ ⧗ ⌘ Ξ Ξ ◘ Ξ Ξ Ξ Ξ Ξ Ξ · Ξ Ξ ↗ ◘ ↗
Ξ Ξ ↗ Ξ Ξ ↗ Ξ Ξ Ξ Ξ Ξ ↗ ◘ ↗ ◘ ↗ ◘ ↗ ◘ ◘ ◘ ◘ ‰ ◘ ⧗ ‰ ⌘ ◘ ⌘ ⧗ ⧗ ⧗ ‰ ◘ ◘ ◘ ◘ ◘ ◘ ‰ ‰ ◘ ◘ Ξ Ξ ↗ Ξ Ξ ↗ Ξ Ξ Ξ Ξ Ξ ↗ ◘ ↗ ◘ ↗ ◘ ↗
↗ Ξ ◘ ↗ Ξ Ξ · Ξ Ξ Ξ · Ξ Ξ Ξ ↗ ◘ ↗ ◘ ◘ ↗ ◘ ◘ ◘ ↗ ◘ ◘ ‰ ⧗ ‰ ⌘ ‰ ‰ ‰ ⧗ ⧗ ◘ ◘ ◘ ◘ ◘ ◘ ◘ ◘ ◘ ↗ ◘ ↗ Ξ ◘ ↗ Ξ Ξ · Ξ Ξ Ξ · Ξ Ξ Ξ ↗
Ξ ↗ Ξ Ξ Ξ Ξ · Ξ · · Ξ Ξ Ξ Ξ ↗ ◘ ◘ ↗ ◘ ◘ ‰ ‰ ⌘ ◘ ‰ ⌘ ⧗ ◘ ◘ ◘ ‰ ◘ ◘ ◘ ◘ ⌘ ‰ ◘ ◘ ◘ ◘ ⌘ ◘ ◘ ‰ Ξ ↗ Ξ Ξ Ξ Ξ · Ξ · · Ξ Ξ Ξ Ξ ↗ ◘
◘ Ξ Ξ Ξ · · Ξ · Ξ Ξ Ξ Ξ Ξ ↗ ↗ ◘ ↗ ◘ ↗ ◘ ◘ ⌘ ◘ ↗ ⌘ ◘ ‰ ◘ ⌘ ◘ ‰ ⧗ ◘ ‰ ⧗ ◘ ‰ ◘ ⧗ ◘ ◘ ◘ ‰ ◘ ◘ ◘ ↗ ◘ Ξ Ξ Ξ · · Ξ · Ξ Ξ Ξ Ξ Ξ ↗
Ξ Ξ Ξ · · Ω @ Ω Ξ Ξ Ξ Ξ ↗ Ξ Ξ ↗ ◘ ◘ ↗ ◘ ◘ ‰ ◘ ↗ ◘ ◘ ◘ ‰ ◘ ‰ ◘ ◘ ‰ ◘ ◘ ◘ ◘ ◘ ◘ ◘ ◘ ◘ ‰ ‰ ◘ ↗ ↗ Ξ Ξ Ξ · · Ω @ Ω Ξ Ξ Ξ Ξ ↗ Ξ
↗ Ξ Ξ · · · Ω @ Ξ Ξ Ξ ↗ Ξ Ξ ↗ ◘ ↗ ◘ ◘ ‰ ◘ ◘ ◘ ◘ ‰ ◘ ◘ ◘ ◘ ◘ ◘ ◘ ◘ ‰ ◘ ‰ ◘ ◘ ◘ ◘ ◘ ◘ ◘ ◘ ◘ ↗ ↗ ↗ Ξ Ξ · · · Ω @ Ξ Ξ Ξ ↗ Ξ Ξ
Ξ Ξ · · Ω Ξ Ω Ξ Ξ Ξ Ξ ↗ ◘ ↗ ◘ ◘ ◘ ◘ ↗ ◘ ◘ ◘ ◘ ↗ ◘ ↗ ◘ ◘ ◘ ◘ ◘ ◘ ◘ ◘ ◘ ◘ ◘ ◘ ◘ ◘ ◘ ◘ ◘ ◘ ↗ Ξ Ξ · · Ω Ξ Ω Ξ Ξ Ξ Ξ ↗ ◘ ↗ ◘ ◘
Ξ Ξ · · @ Ω Ω @ Ξ Ξ Ξ ↗ ◘ ↗ ◘ ◘ ◘ ◘ ◘ ◘ ◘ ◘ ↗ ◘ ◘ ◘ ◘ ◘ ◘ ◘ ◘ ◘ ◘ ◘ ◘ ◘ ◘ ◘ ◘ ◘ ◘ ◘ ◘ ◘ ↗ ↗ Ξ Ξ · · @ Ω Ω @ Ξ Ξ Ξ ↗ ◘ ↗ ◘
Ξ Ξ · · Ω Ω @ Ω @ Ξ Ξ ↗ ◘ ◘ ◘ ◘ ‰ ◘ ↗ ◘ ◘ ↗ ◘ ↗ ◘ ◘ ◘ ◘ ◘ ◘ ◘ ◘ ◘ ◘ ◘ ◘ ◘ ◘ ◘ ◘ ◘ ◘ ◘ ◘ ↗ ↗ Ξ Ξ · · Ω Ω @ Ω @ Ξ Ξ ↗ ◘ ◘ ◘
↗ Ξ Ξ · · @ Ω @ Ω Ξ Ξ Ξ ↗ ◘ ◘ ◘ ↗ ◘ ◘ ↗ ◘ ◘ ◘ ◘ ◘ ◘ ◘ ◘ ◘ ◘ ◘ ◘ ◘ ◘ ◘ ◘ ◘ ◘ ◘ ◘ ◘ ◘ ↗ ↗ ↗ ↗ Ξ Ξ · · @ Ω @ Ω Ξ Ξ Ξ ↗ ◘ ◘ ◘
Ξ Ξ · Ω Ω Ξ Ω Ξ @ Ω Ξ Ξ Ξ ↗ ◘ ◘ ◘ ‰ ◘ ◘ ↗ ◘ ◘ ↗ ◘ ◘ ◘ ◘ ◘ ◘ ◘ ◘ ◘ ◘ ◘ ◘ ◘ ◘ ◘ ↗ ◘ ◘ ◘ ◘ ↗ Ξ Ξ Ξ · Ω Ω Ξ Ω Ξ @ Ω Ξ Ξ Ξ ↗ ◘
Ξ Ξ · Ω @ Ω Ω @ Ω @ Ξ Ξ ↗ ◘ ↗ ◘ ◘ ◘ ◘ ↗ ◘ ◘ ◘ ◘ ↗ ◘ ◘ ◘ ◘ ◘ ◘ ◘ ◘ ◘ ◘ ◘ ◘ ◘ ◘ ↗ ↗ Ξ Ξ Ξ Ξ Ξ Ξ Ξ · Ω @ Ω Ω @ Ω @ Ξ Ξ ↗ ◘ ↗
Ξ Ξ · Ω Ω · Ω @ · · · Ξ ↗ ◘ ◘ Ξ ◘ ↗ ◘ ◘ Ξ ‰ ↗ Ξ Ξ Ξ ↗ ◘ ◘ Ξ Ξ Ξ Ξ Ξ Ξ Ξ Ξ Ξ Ξ Ξ Ξ Ξ Ξ Ξ Ξ Ξ Ξ Ξ Ξ Ξ · Ω Ω · Ω @ · · · Ξ ↗
Ξ ↗ Ξ ↗ Ξ ↗ Ξ Ξ Ξ · Ξ Ξ Ξ ↗ Ξ ↗ Ξ Ξ ↗ Ξ Ξ Ξ Ξ Ξ Ξ Ξ Ξ · Ξ · Ξ · @ Ш Ш Ш Ш Ш Ω Ш Ш @ Ш Ш Ш Ш Ш Ш Ω Ш Ω Ш @ Ω Ω · · · Ξ ↗ Ξ
